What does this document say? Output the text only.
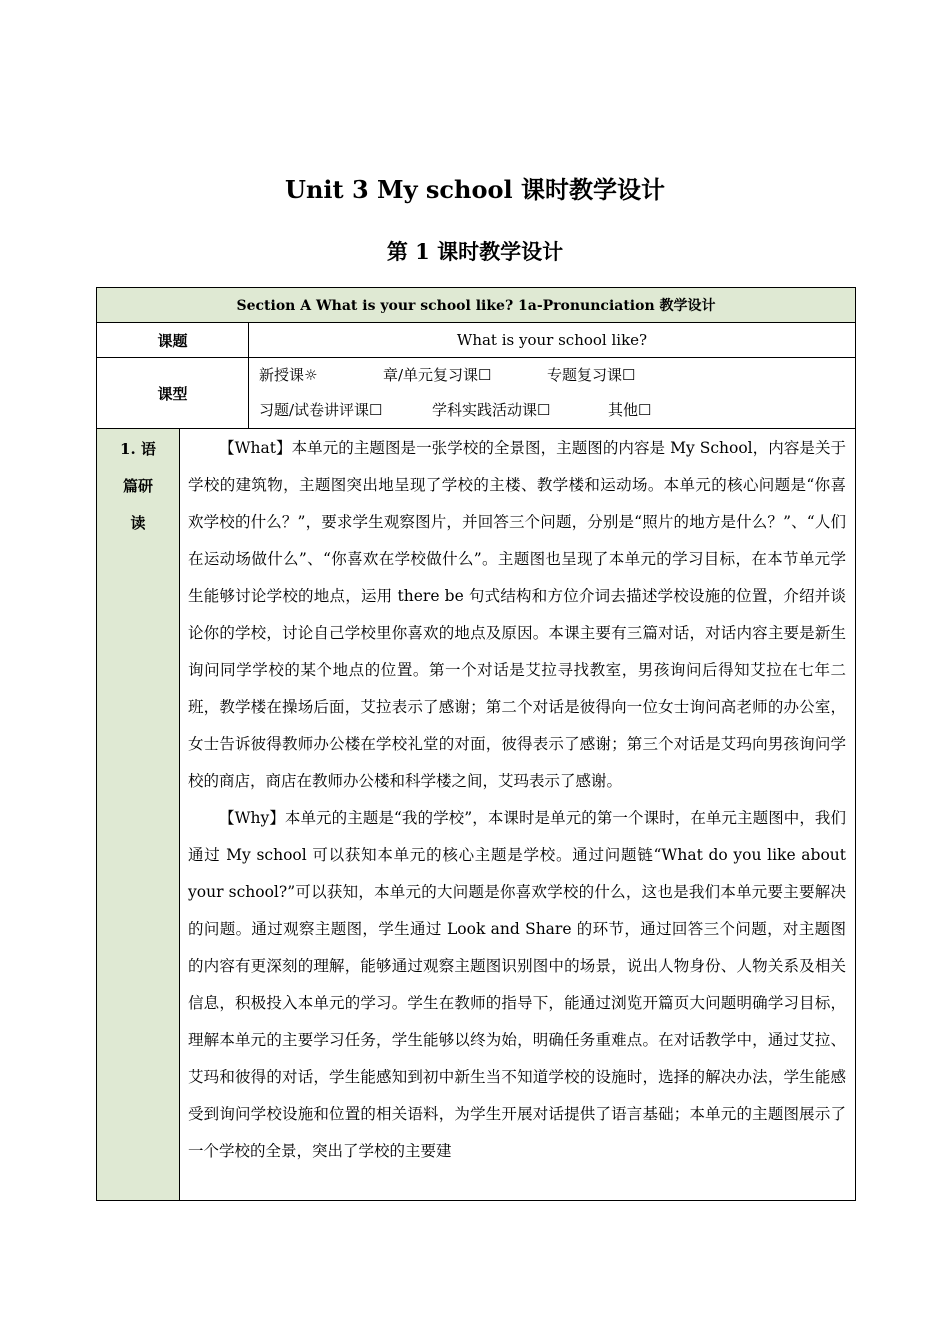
Unit 3 My school 课时教学设计
第 1 课时教学设计
Section A What is your school like? 1a-Pronunciation 教学设计		
课题		What is your school like?
课型		新授课☼ 章/单元复习课☐ 专题复习课☐
习题/试卷讲评课☐ 学科实践活动课☐ 其他☐

1. 语篇研读	【What】本单元的主题图是一张学校的全景图，主题图的内容是 My School，内容是关于学校的建筑物，主题图突出地呈现了学校的主楼、教学楼和运动场。本单元的核心问题是“你喜欢学校的什么？”，要求学生观察图片，并回答三个问题，分别是“照片的地方是什么？”、“人们在运动场做什么”、“你喜欢在学校做什么”。主题图也呈现了本单元的学习目标，在本节单元学生能够讨论学校的地点，运用 there be 句式结构和方位介词去描述学校设施的位置，介绍并谈论你的学校，讨论自己学校里你喜欢的地点及原因。本课主要有三篇对话，对话内容主要是新生询问同学学校的某个地点的位置。第一个对话是艾拉寻找教室，男孩询问后得知艾拉在七年二班，教学楼在操场后面，艾拉表示了感谢；第二个对话是彼得向一位女士询问高老师的办公室，女士告诉彼得教师办公楼在学校礼堂的对面，彼得表示了感谢；第三个对话是艾玛向男孩询问学校的商店，商店在教师办公楼和科学楼之间，艾玛表示了感谢。

【Why】本单元的主题是“我的学校”，本课时是单元的第一个课时，在单元主题图中，我们通过 My school 可以获知本单元的核心主题是学校。通过问题链“What do you like about your school?”可以获知，本单元的大问题是你喜欢学校的什么，这也是我们本单元要主要解决的问题。通过观察主题图，学生通过 Look and Share 的环节，通过回答三个问题，对主题图的内容有更深刻的理解，能够通过观察主题图识别图中的场景，说出人物身份、人物关系及相关信息，积极投入本单元的学习。学生在教师的指导下，能通过浏览开篇页大问题明确学习目标，理解本单元的主要学习任务，学生能够以终为始，明确任务重难点。在对话教学中，通过艾拉、艾玛和彼得的对话，学生能感知到初中新生当不知道学校的设施时，选择的解决办法，学生能感受到询问学校设施和位置的相关语料，为学生开展对话提供了语言基础；本单元的主题图展示了一个学校的全景，突出了学校的主要建	
